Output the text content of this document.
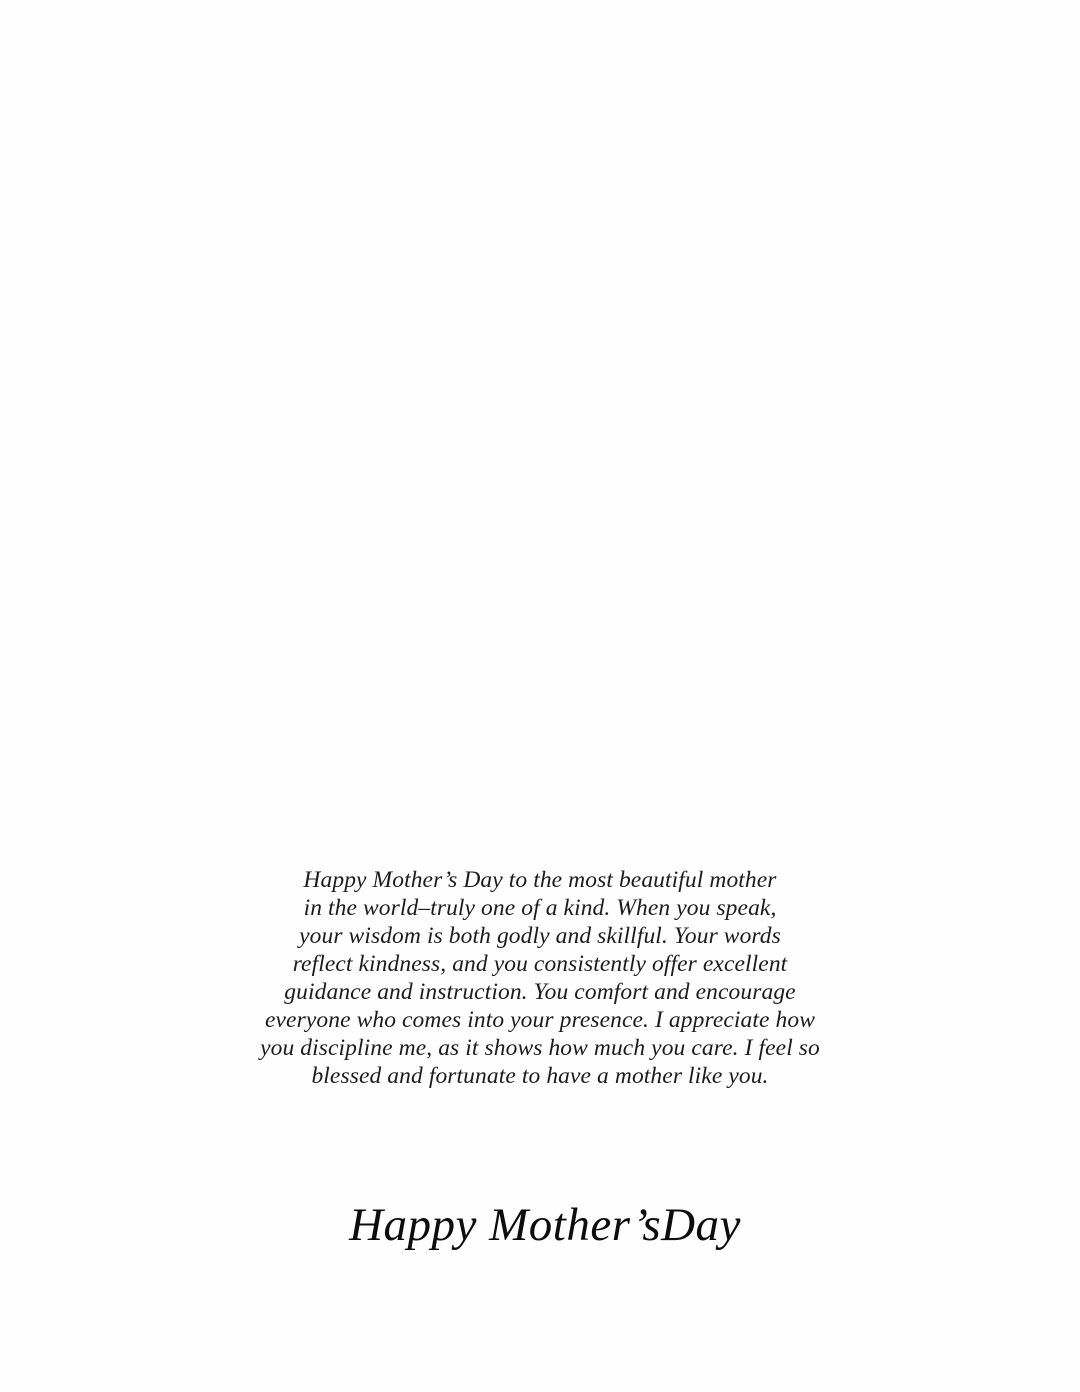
Happy Mother’s Day to the most beautiful mother
in the world–truly one of a kind. When you speak,
your wisdom is both godly and skillful. Your words
reflect kindness, and you consistently offer excellent
guidance and instruction. You comfort and encourage
everyone who comes into your presence. I appreciate how
you discipline me, as it shows how much you care. I feel so
blessed and fortunate to have a mother like you.
Happy Mother’sDay
